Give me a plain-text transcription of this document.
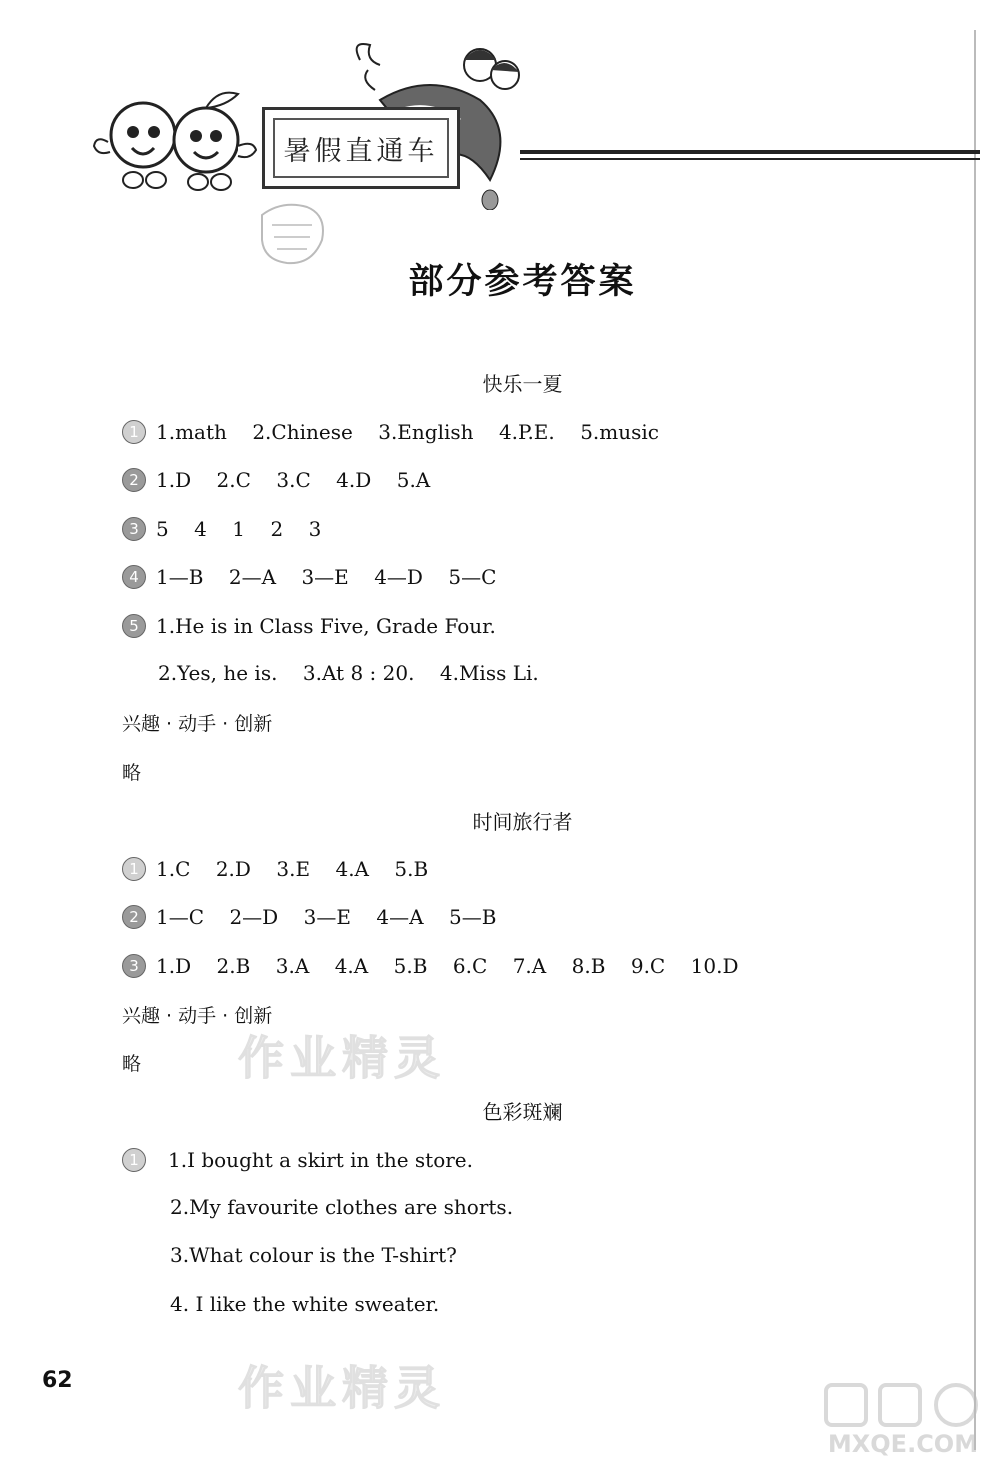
暑假直通车
部分参考答案
快乐一夏
1 1.math    2.Chinese    3.English    4.P.E.    5.music
2 1.D    2.C    3.C    4.D    5.A
3 5    4    1    2    3
4 1—B    2—A    3—E    4—D    5—C
5 1.He is in Class Five, Grade Four.
2.Yes, he is.    3.At 8 : 20.    4.Miss Li.
兴趣 · 动手 · 创新
略
时间旅行者
1 1.C    2.D    3.E    4.A    5.B
2 1—C    2—D    3—E    4—A    5—B
3 1.D    2.B    3.A    4.A    5.B    6.C    7.A    8.B    9.C    10.D
兴趣 · 动手 · 创新
略 作业精灵
色彩斑斓
1	1.I bought a skirt in the store.
2.My favourite clothes are shorts.
3.What colour is the T-shirt?
4. I like the white sweater.
作业精灵
62
MXQE.COM
